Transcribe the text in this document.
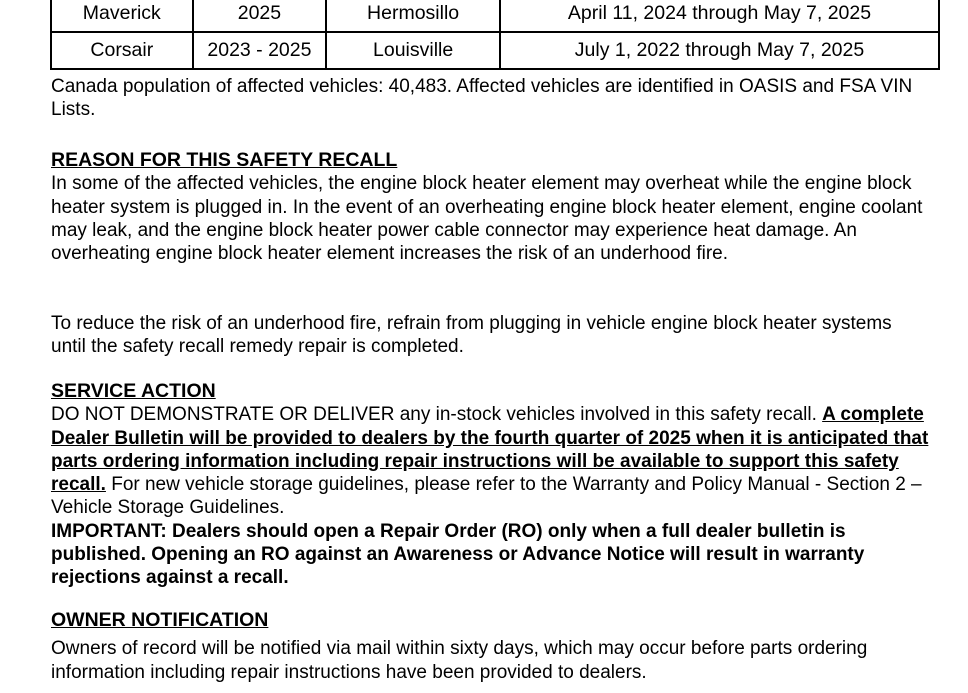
Maverick	2025	Hermosillo	April 11, 2024 through May 7, 2025
Corsair	2023 - 2025	Louisville	July 1, 2022 through May 7, 2025

Canada population of affected vehicles: 40,483. Affected vehicles are identified in OASIS and FSA VIN Lists.

REASON FOR THIS SAFETY RECALL

In some of the affected vehicles, the engine block heater element may overheat while the engine block heater system is plugged in. In the event of an overheating engine block heater element, engine coolant may leak, and the engine block heater power cable connector may experience heat damage. An overheating engine block heater element increases the risk of an underhood fire.

To reduce the risk of an underhood fire, refrain from plugging in vehicle engine block heater systems until the safety recall remedy repair is completed.

SERVICE ACTION

DO NOT DEMONSTRATE OR DELIVER any in-stock vehicles involved in this safety recall. A complete Dealer Bulletin will be provided to dealers by the fourth quarter of 2025 when it is anticipated that parts ordering information including repair instructions will be available to support this safety recall. For new vehicle storage guidelines, please refer to the Warranty and Policy Manual - Section 2 – Vehicle Storage Guidelines.

IMPORTANT: Dealers should open a Repair Order (RO) only when a full dealer bulletin is published. Opening an RO against an Awareness or Advance Notice will result in warranty rejections against a recall.

OWNER NOTIFICATION

Owners of record will be notified via mail within sixty days, which may occur before parts ordering information including repair instructions have been provided to dealers.
